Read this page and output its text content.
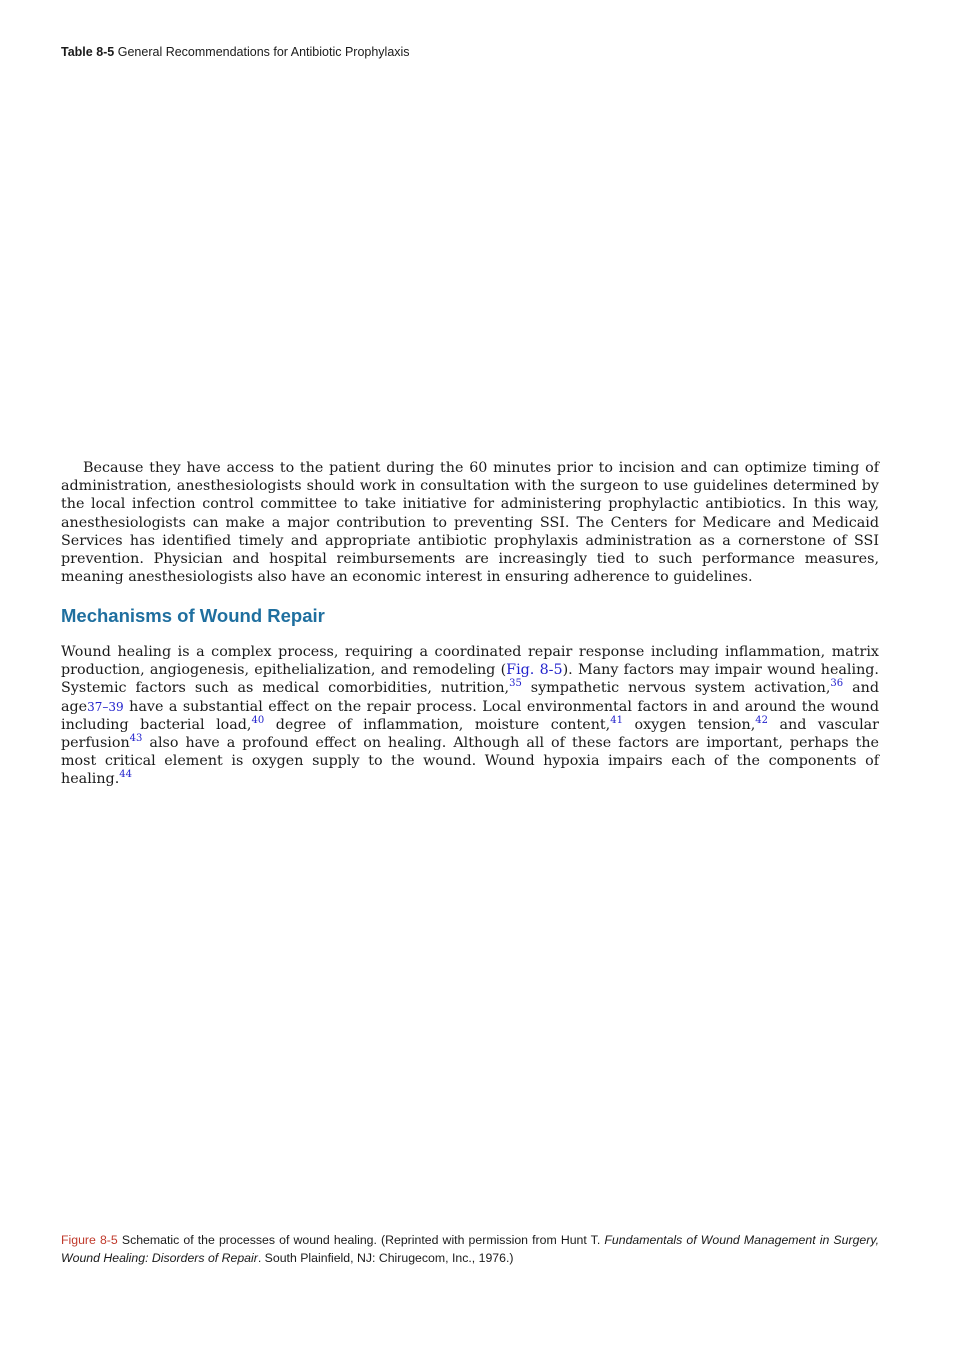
Table 8-5 General Recommendations for Antibiotic Prophylaxis
Because they have access to the patient during the 60 minutes prior to incision and can optimize timing of administration, anesthesiologists should work in consultation with the surgeon to use guidelines determined by the local infection control committee to take initiative for administering prophylactic antibiotics. In this way, anesthesiologists can make a major contribution to preventing SSI. The Centers for Medicare and Medicaid Services has identified timely and appropriate antibiotic prophylaxis administration as a cornerstone of SSI prevention. Physician and hospital reimbursements are increasingly tied to such performance measures, meaning anesthesiologists also have an economic interest in ensuring adherence to guidelines.
Mechanisms of Wound Repair
Wound healing is a complex process, requiring a coordinated repair response including inflammation, matrix production, angiogenesis, epithelialization, and remodeling (Fig. 8-5). Many factors may impair wound healing. Systemic factors such as medical comorbidities, nutrition,$^{35}$ sympathetic nervous system activation,$^{36}$ and age37–39 have a substantial effect on the repair process. Local environmental factors in and around the wound including bacterial load,$^{40}$ degree of inflammation, moisture content,$^{41}$ oxygen tension,$^{42}$ and vascular perfusion$^{43}$ also have a profound effect on healing. Although all of these factors are important, perhaps the most critical element is oxygen supply to the wound. Wound hypoxia impairs each of the components of healing.$^{44}$
Figure 8-5 Schematic of the processes of wound healing. (Reprinted with permission from Hunt T. Fundamentals of Wound Management in Surgery, Wound Healing: Disorders of Repair. South Plainfield, NJ: Chirugecom, Inc., 1976.)
